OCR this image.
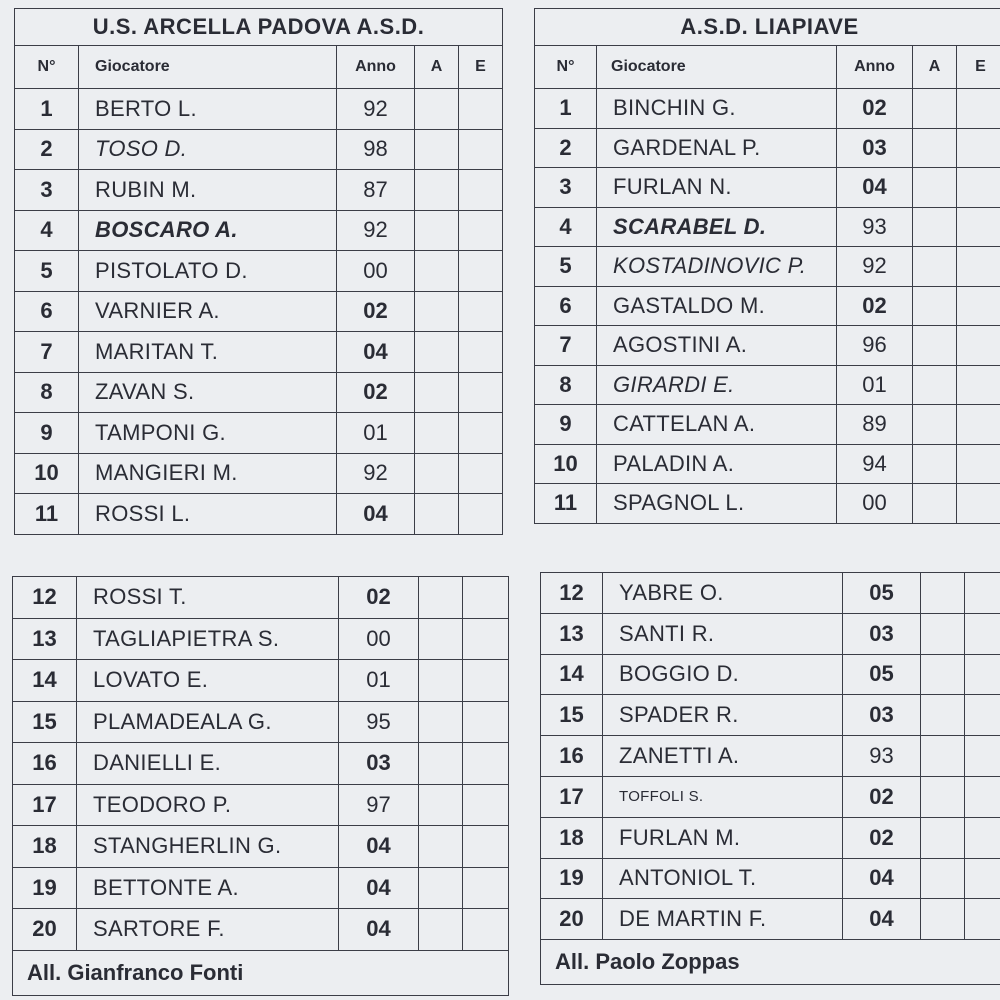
U.S. ARCELLA PADOVA A.S.D.				
N°	Giocatore	Anno	A	E
1	BERTO L.	92		
2	TOSO D.	98		
3	RUBIN M.	87		
4	BOSCARO A.	92		
5	PISTOLATO D.	00		
6	VARNIER A.	02		
7	MARITAN T.	04		
8	ZAVAN S.	02		
9	TAMPONI G.	01		
10	MANGIERI M.	92		
11	ROSSI L.	04		
A.S.D. LIAPIAVE				
N°	Giocatore	Anno	A	E
1	BINCHIN G.	02		
2	GARDENAL P.	03		
3	FURLAN N.	04		
4	SCARABEL D.	93		
5	KOSTADINOVIC P.	92		
6	GASTALDO M.	02		
7	AGOSTINI A.	96		
8	GIRARDI E.	01		
9	CATTELAN A.	89		
10	PALADIN A.	94		
11	SPAGNOL L.	00		
12	ROSSI T.	02		
13	TAGLIAPIETRA S.	00		
14	LOVATO E.	01		
15	PLAMADEALA G.	95		
16	DANIELLI E.	03		
17	TEODORO P.	97		
18	STANGHERLIN G.	04		
19	BETTONTE A.	04		
20	SARTORE F.	04		
All. Gianfranco Fonti				
12	YABRE O.	05		
13	SANTI R.	03		
14	BOGGIO D.	05		
15	SPADER R.	03		
16	ZANETTI A.	93		
17	TOFFOLI S.	02		
18	FURLAN M.	02		
19	ANTONIOL T.	04		
20	DE MARTIN F.	04		
All. Paolo Zoppas				
